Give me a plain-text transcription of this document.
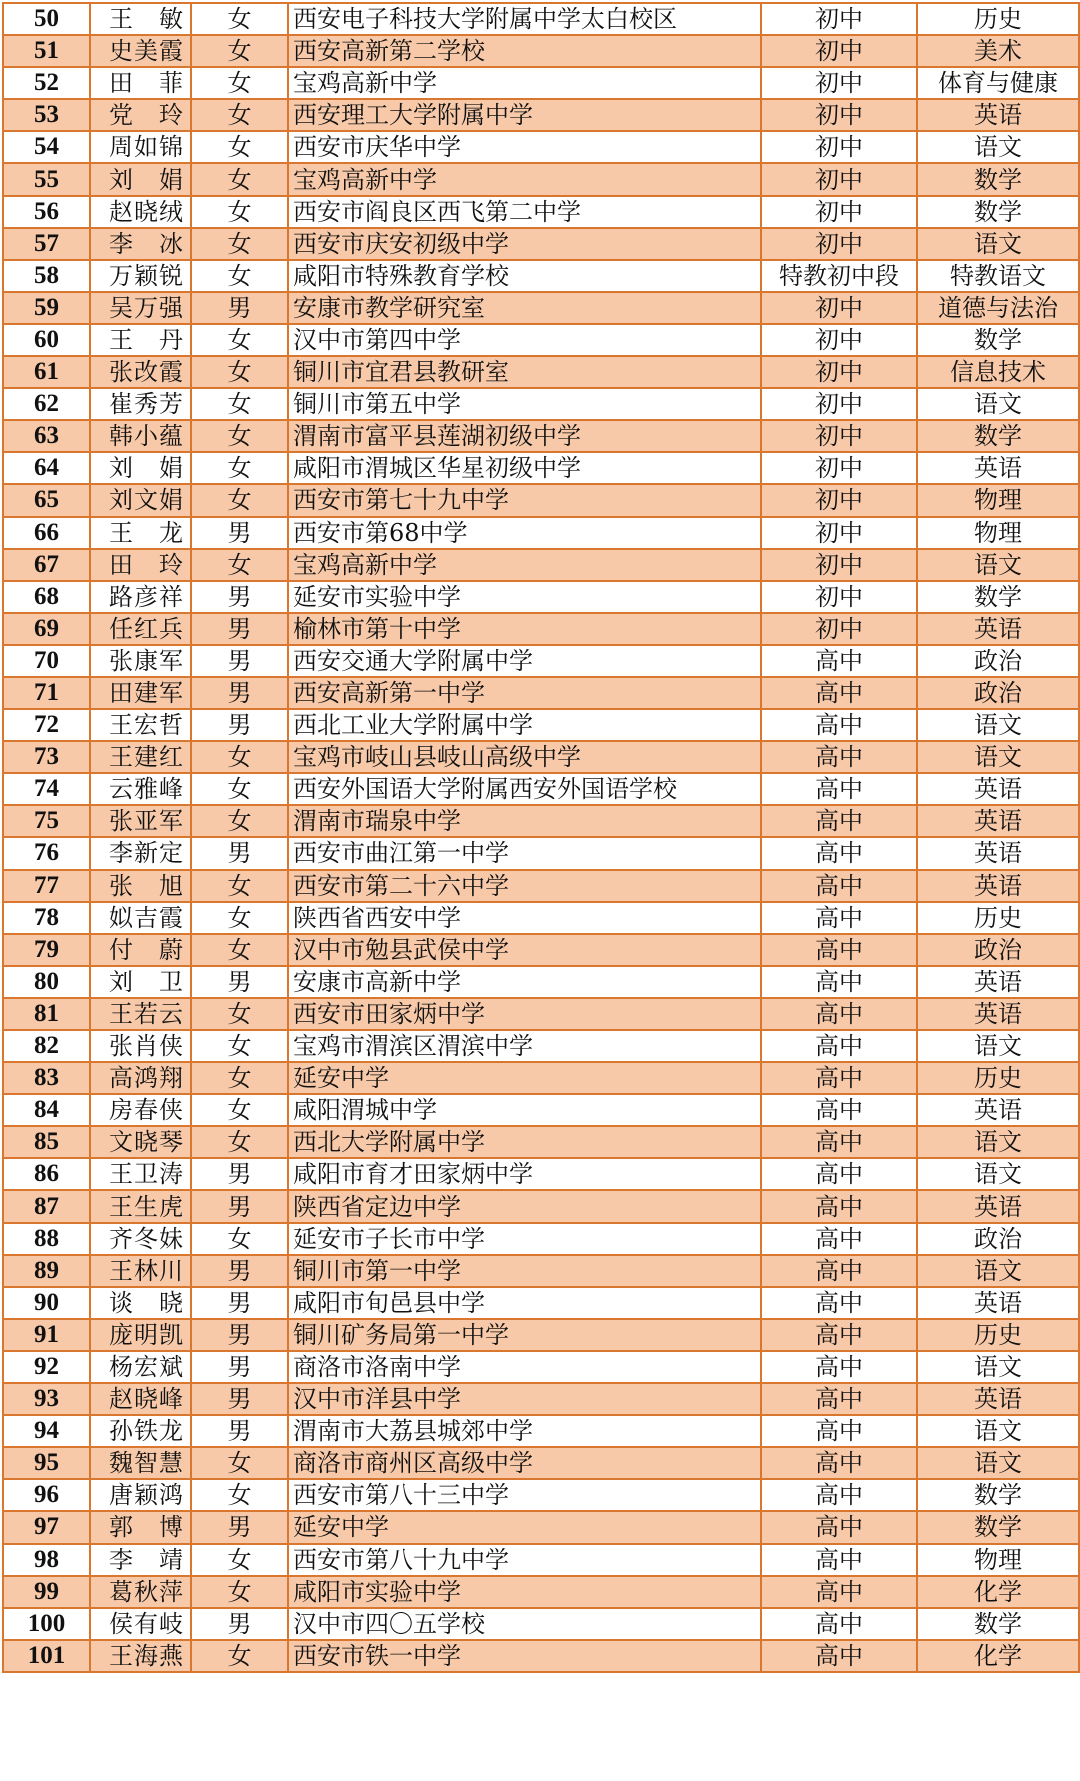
50	王　敏	女	西安电子科技大学附属中学太白校区	初中	历史
51	史美霞	女	西安高新第二学校	初中	美术
52	田　菲	女	宝鸡高新中学	初中	体育与健康
53	党　玲	女	西安理工大学附属中学	初中	英语
54	周如锦	女	西安市庆华中学	初中	语文
55	刘　娟	女	宝鸡高新中学	初中	数学
56	赵晓绒	女	西安市阎良区西飞第二中学	初中	数学
57	李　冰	女	西安市庆安初级中学	初中	语文
58	万颖锐	女	咸阳市特殊教育学校	特教初中段	特教语文
59	吴万强	男	安康市教学研究室	初中	道德与法治
60	王　丹	女	汉中市第四中学	初中	数学
61	张改霞	女	铜川市宜君县教研室	初中	信息技术
62	崔秀芳	女	铜川市第五中学	初中	语文
63	韩小蕴	女	渭南市富平县莲湖初级中学	初中	数学
64	刘　娟	女	咸阳市渭城区华星初级中学	初中	英语
65	刘文娟	女	西安市第七十九中学	初中	物理
66	王　龙	男	西安市第68中学	初中	物理
67	田　玲	女	宝鸡高新中学	初中	语文
68	路彦祥	男	延安市实验中学	初中	数学
69	任红兵	男	榆林市第十中学	初中	英语
70	张康军	男	西安交通大学附属中学	高中	政治
71	田建军	男	西安高新第一中学	高中	政治
72	王宏哲	男	西北工业大学附属中学	高中	语文
73	王建红	女	宝鸡市岐山县岐山高级中学	高中	语文
74	云雅峰	女	西安外国语大学附属西安外国语学校	高中	英语
75	张亚军	女	渭南市瑞泉中学	高中	英语
76	李新定	男	西安市曲江第一中学	高中	英语
77	张　旭	女	西安市第二十六中学	高中	英语
78	姒吉霞	女	陕西省西安中学	高中	历史
79	付　蔚	女	汉中市勉县武侯中学	高中	政治
80	刘　卫	男	安康市高新中学	高中	英语
81	王若云	女	西安市田家炳中学	高中	英语
82	张肖侠	女	宝鸡市渭滨区渭滨中学	高中	语文
83	高鸿翔	女	延安中学	高中	历史
84	房春侠	女	咸阳渭城中学	高中	英语
85	文晓琴	女	西北大学附属中学	高中	语文
86	王卫涛	男	咸阳市育才田家炳中学	高中	语文
87	王生虎	男	陕西省定边中学	高中	英语
88	齐冬妹	女	延安市子长市中学	高中	政治
89	王林川	男	铜川市第一中学	高中	语文
90	谈　晓	男	咸阳市旬邑县中学	高中	英语
91	庞明凯	男	铜川矿务局第一中学	高中	历史
92	杨宏斌	男	商洛市洛南中学	高中	语文
93	赵晓峰	男	汉中市洋县中学	高中	英语
94	孙铁龙	男	渭南市大荔县城郊中学	高中	语文
95	魏智慧	女	商洛市商州区高级中学	高中	语文
96	唐颖鸿	女	西安市第八十三中学	高中	数学
97	郭　博	男	延安中学	高中	数学
98	李　靖	女	西安市第八十九中学	高中	物理
99	葛秋萍	女	咸阳市实验中学	高中	化学
100	侯有岐	男	汉中市四〇五学校	高中	数学
101	王海燕	女	西安市铁一中学	高中	化学
